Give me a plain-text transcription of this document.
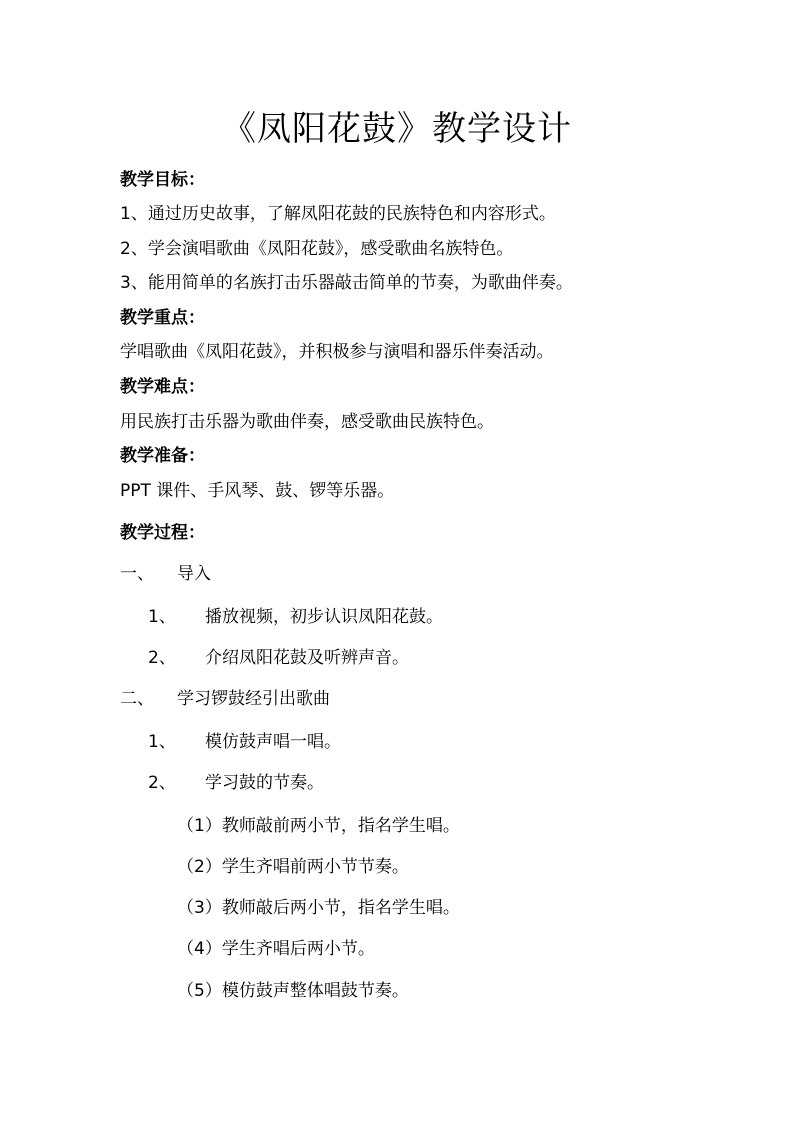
《凤阳花鼓》教学设计
教学目标：
1、通过历史故事，了解凤阳花鼓的民族特色和内容形式。
2、学会演唱歌曲《凤阳花鼓》，感受歌曲名族特色。
3、能用简单的名族打击乐器敲击简单的节奏，为歌曲伴奏。
教学重点：
学唱歌曲《凤阳花鼓》，并积极参与演唱和器乐伴奏活动。
教学难点：
用民族打击乐器为歌曲伴奏，感受歌曲民族特色。
教学准备：
PPT 课件、手风琴、鼓、锣等乐器。
教学过程：
一、 导入
1、 播放视频，初步认识凤阳花鼓。
2、 介绍凤阳花鼓及听辨声音。
二、 学习锣鼓经引出歌曲
1、 模仿鼓声唱一唱。
2、 学习鼓的节奏。
（1）教师敲前两小节，指名学生唱。
（2）学生齐唱前两小节节奏。
（3）教师敲后两小节，指名学生唱。
（4）学生齐唱后两小节。
（5）模仿鼓声整体唱鼓节奏。
